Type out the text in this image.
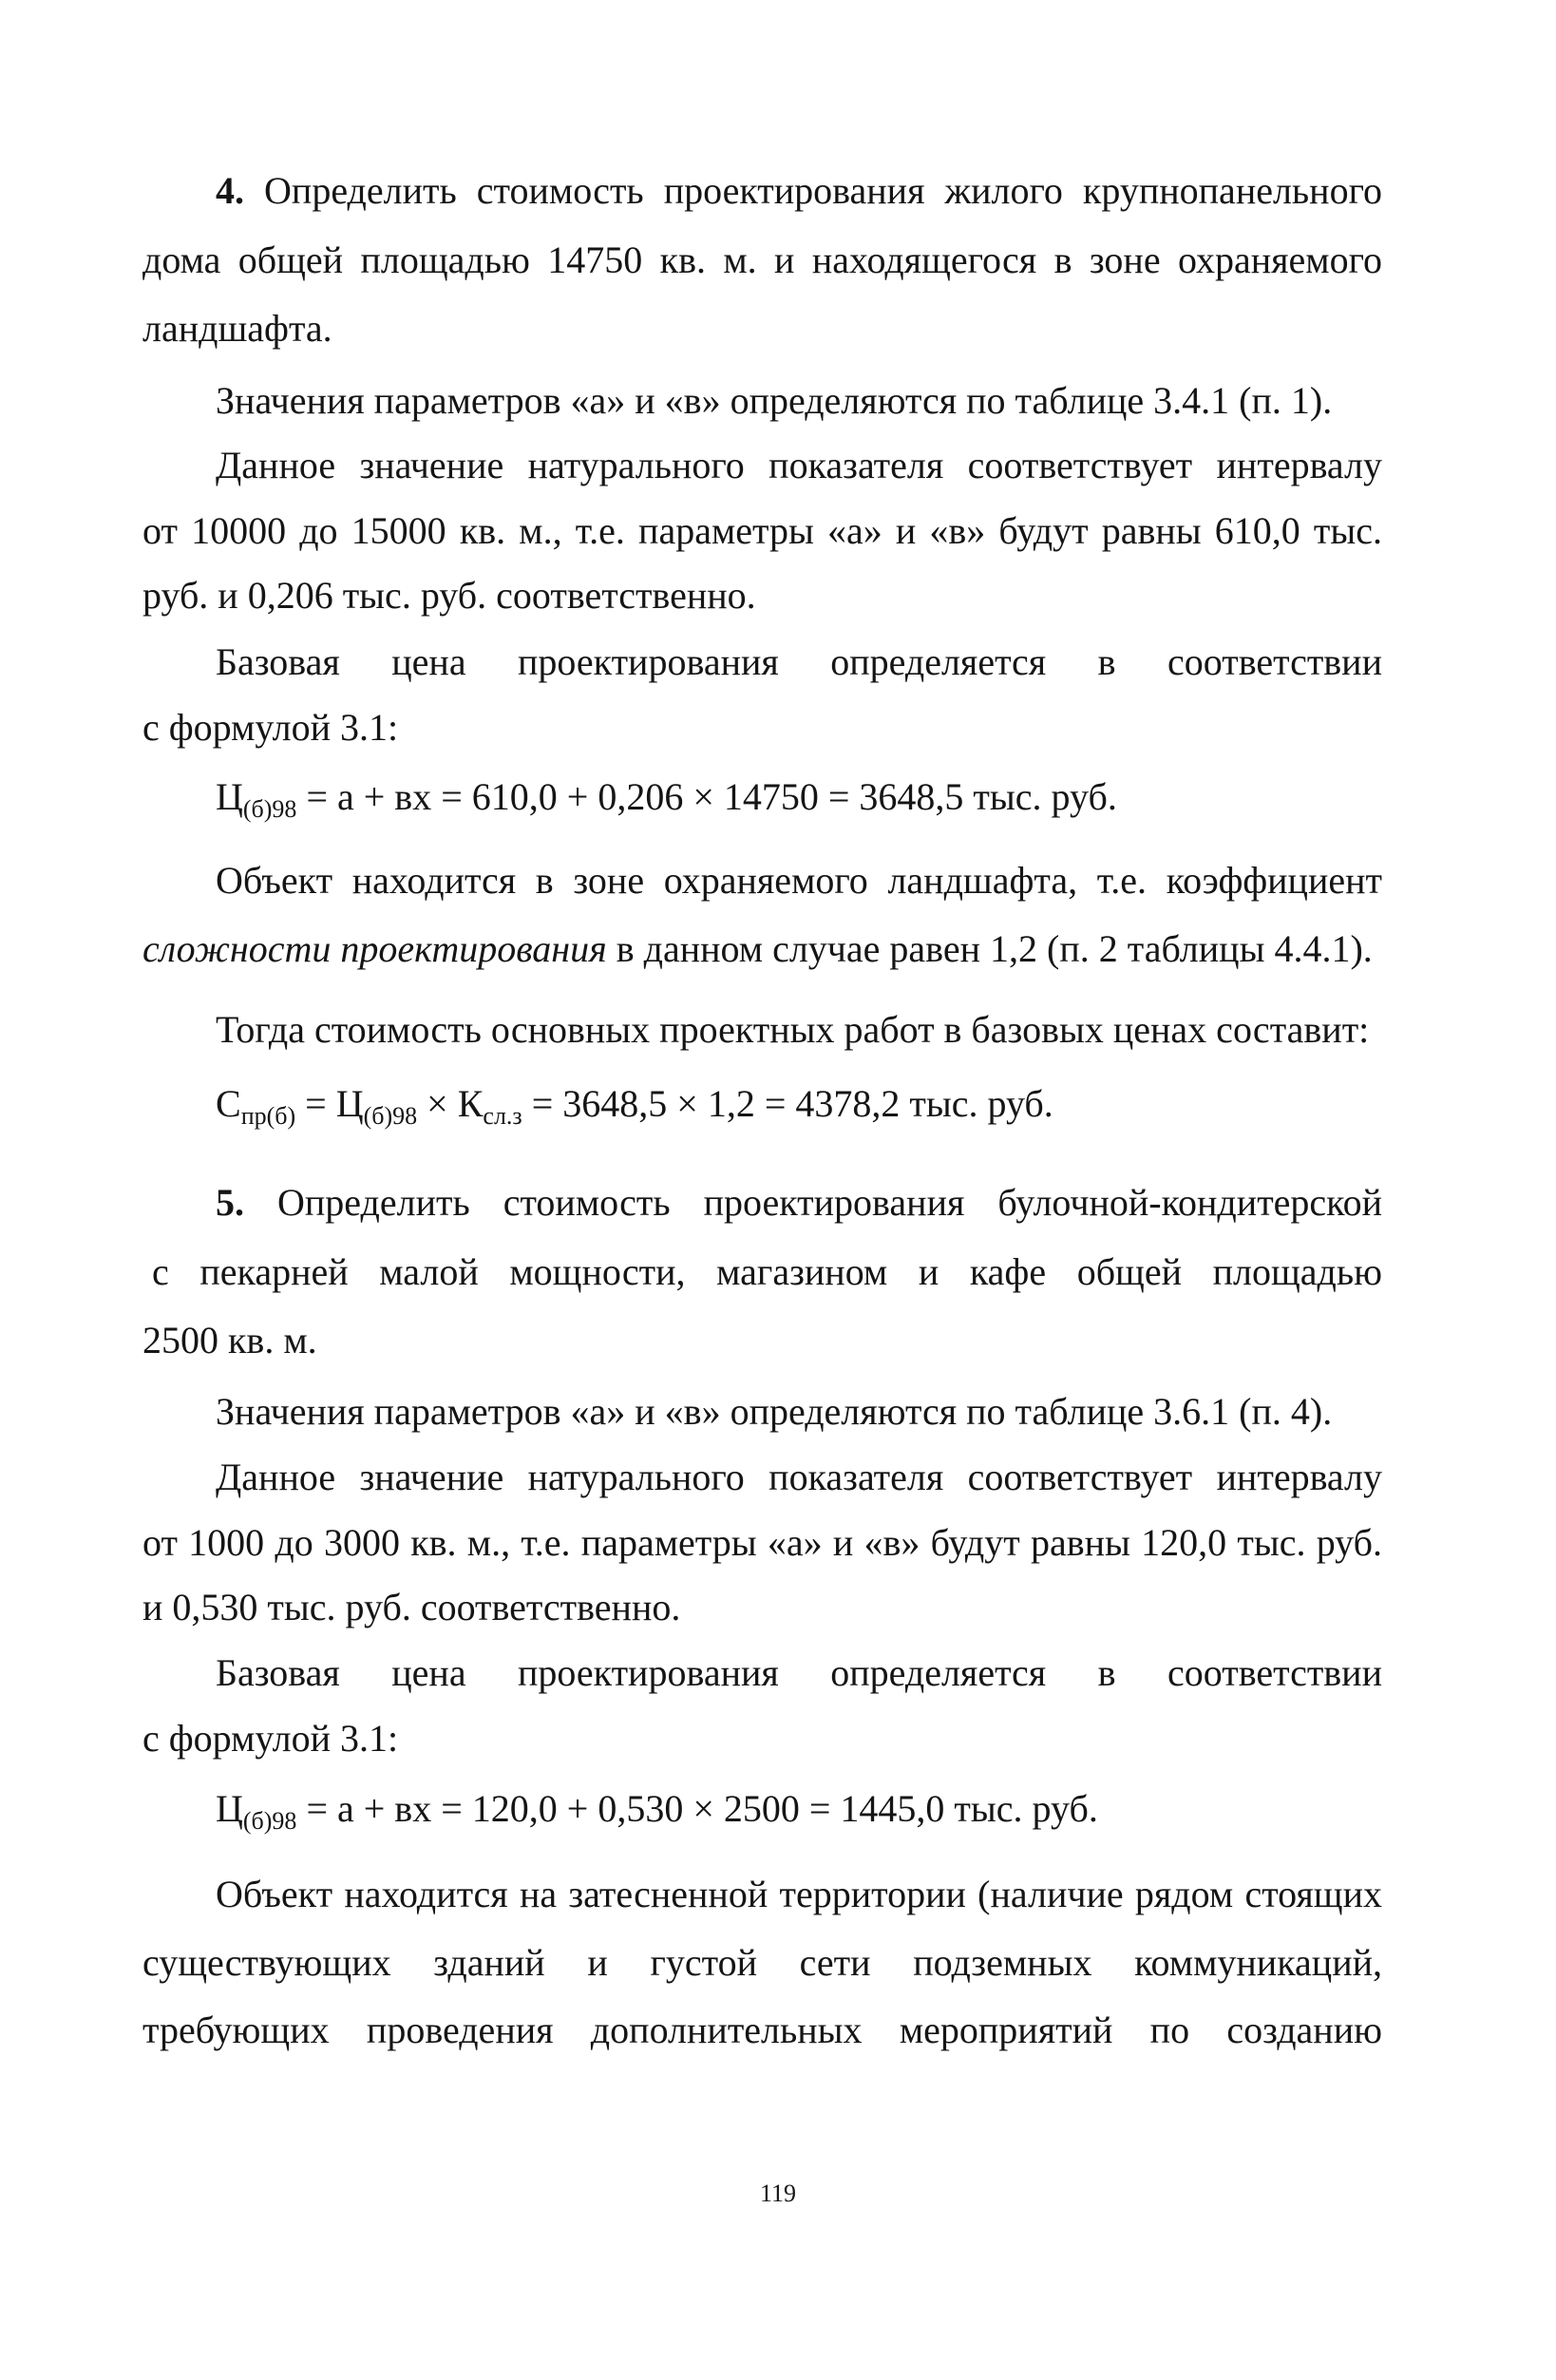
4. Определить стоимость проектирования жилого крупнопанельного
дома общей площадью 14750 кв. м. и находящегося в зоне охраняемого
ландшафта.
Значения параметров «а» и «в» определяются по таблице 3.4.1 (п. 1).
Данное значение натурального показателя соответствует интервалу
от 10000 до 15000 кв. м., т.е. параметры «а» и «в» будут равны 610,0 тыс.
руб. и 0,206 тыс. руб. соответственно.
Базовая цена проектирования определяется в соответствии
с формулой 3.1:
$Ц_{(б)98} = а$ + вх = 610,0 + 0,206 × 14750 = 3648,5 тыс. руб.
Объект находится в зоне охраняемого ландшафта, т.е. коэффициент
сложности проектирования в данном случае равен 1,2 (п. 2 таблицы 4.4.1).
Тогда стоимость основных проектных работ в базовых ценах составит:
$С_{пр(б)} = Ц_{(б)98} \times К_{сл.з} = 3648,5 \times 1,2 = 4378,2$ тыс. руб.
5. Определить стоимость проектирования булочной-кондитерской
с пекарней малой мощности, магазином и кафе общей площадью
2500 кв. м.
Значения параметров «а» и «в» определяются по таблице 3.6.1 (п. 4).
Данное значение натурального показателя соответствует интервалу
от 1000 до 3000 кв. м., т.е. параметры «а» и «в» будут равны 120,0 тыс. руб.
и 0,530 тыс. руб. соответственно.
Базовая цена проектирования определяется в соответствии
с формулой 3.1:
$Ц_{(б)98} = а$ + вх = 120,0 + 0,530 × 2500 = 1445,0 тыс. руб.
Объект находится на затесненной территории (наличие рядом стоящих
существующих зданий и густой сети подземных коммуникаций,
требующих проведения дополнительных мероприятий по созданию
119
